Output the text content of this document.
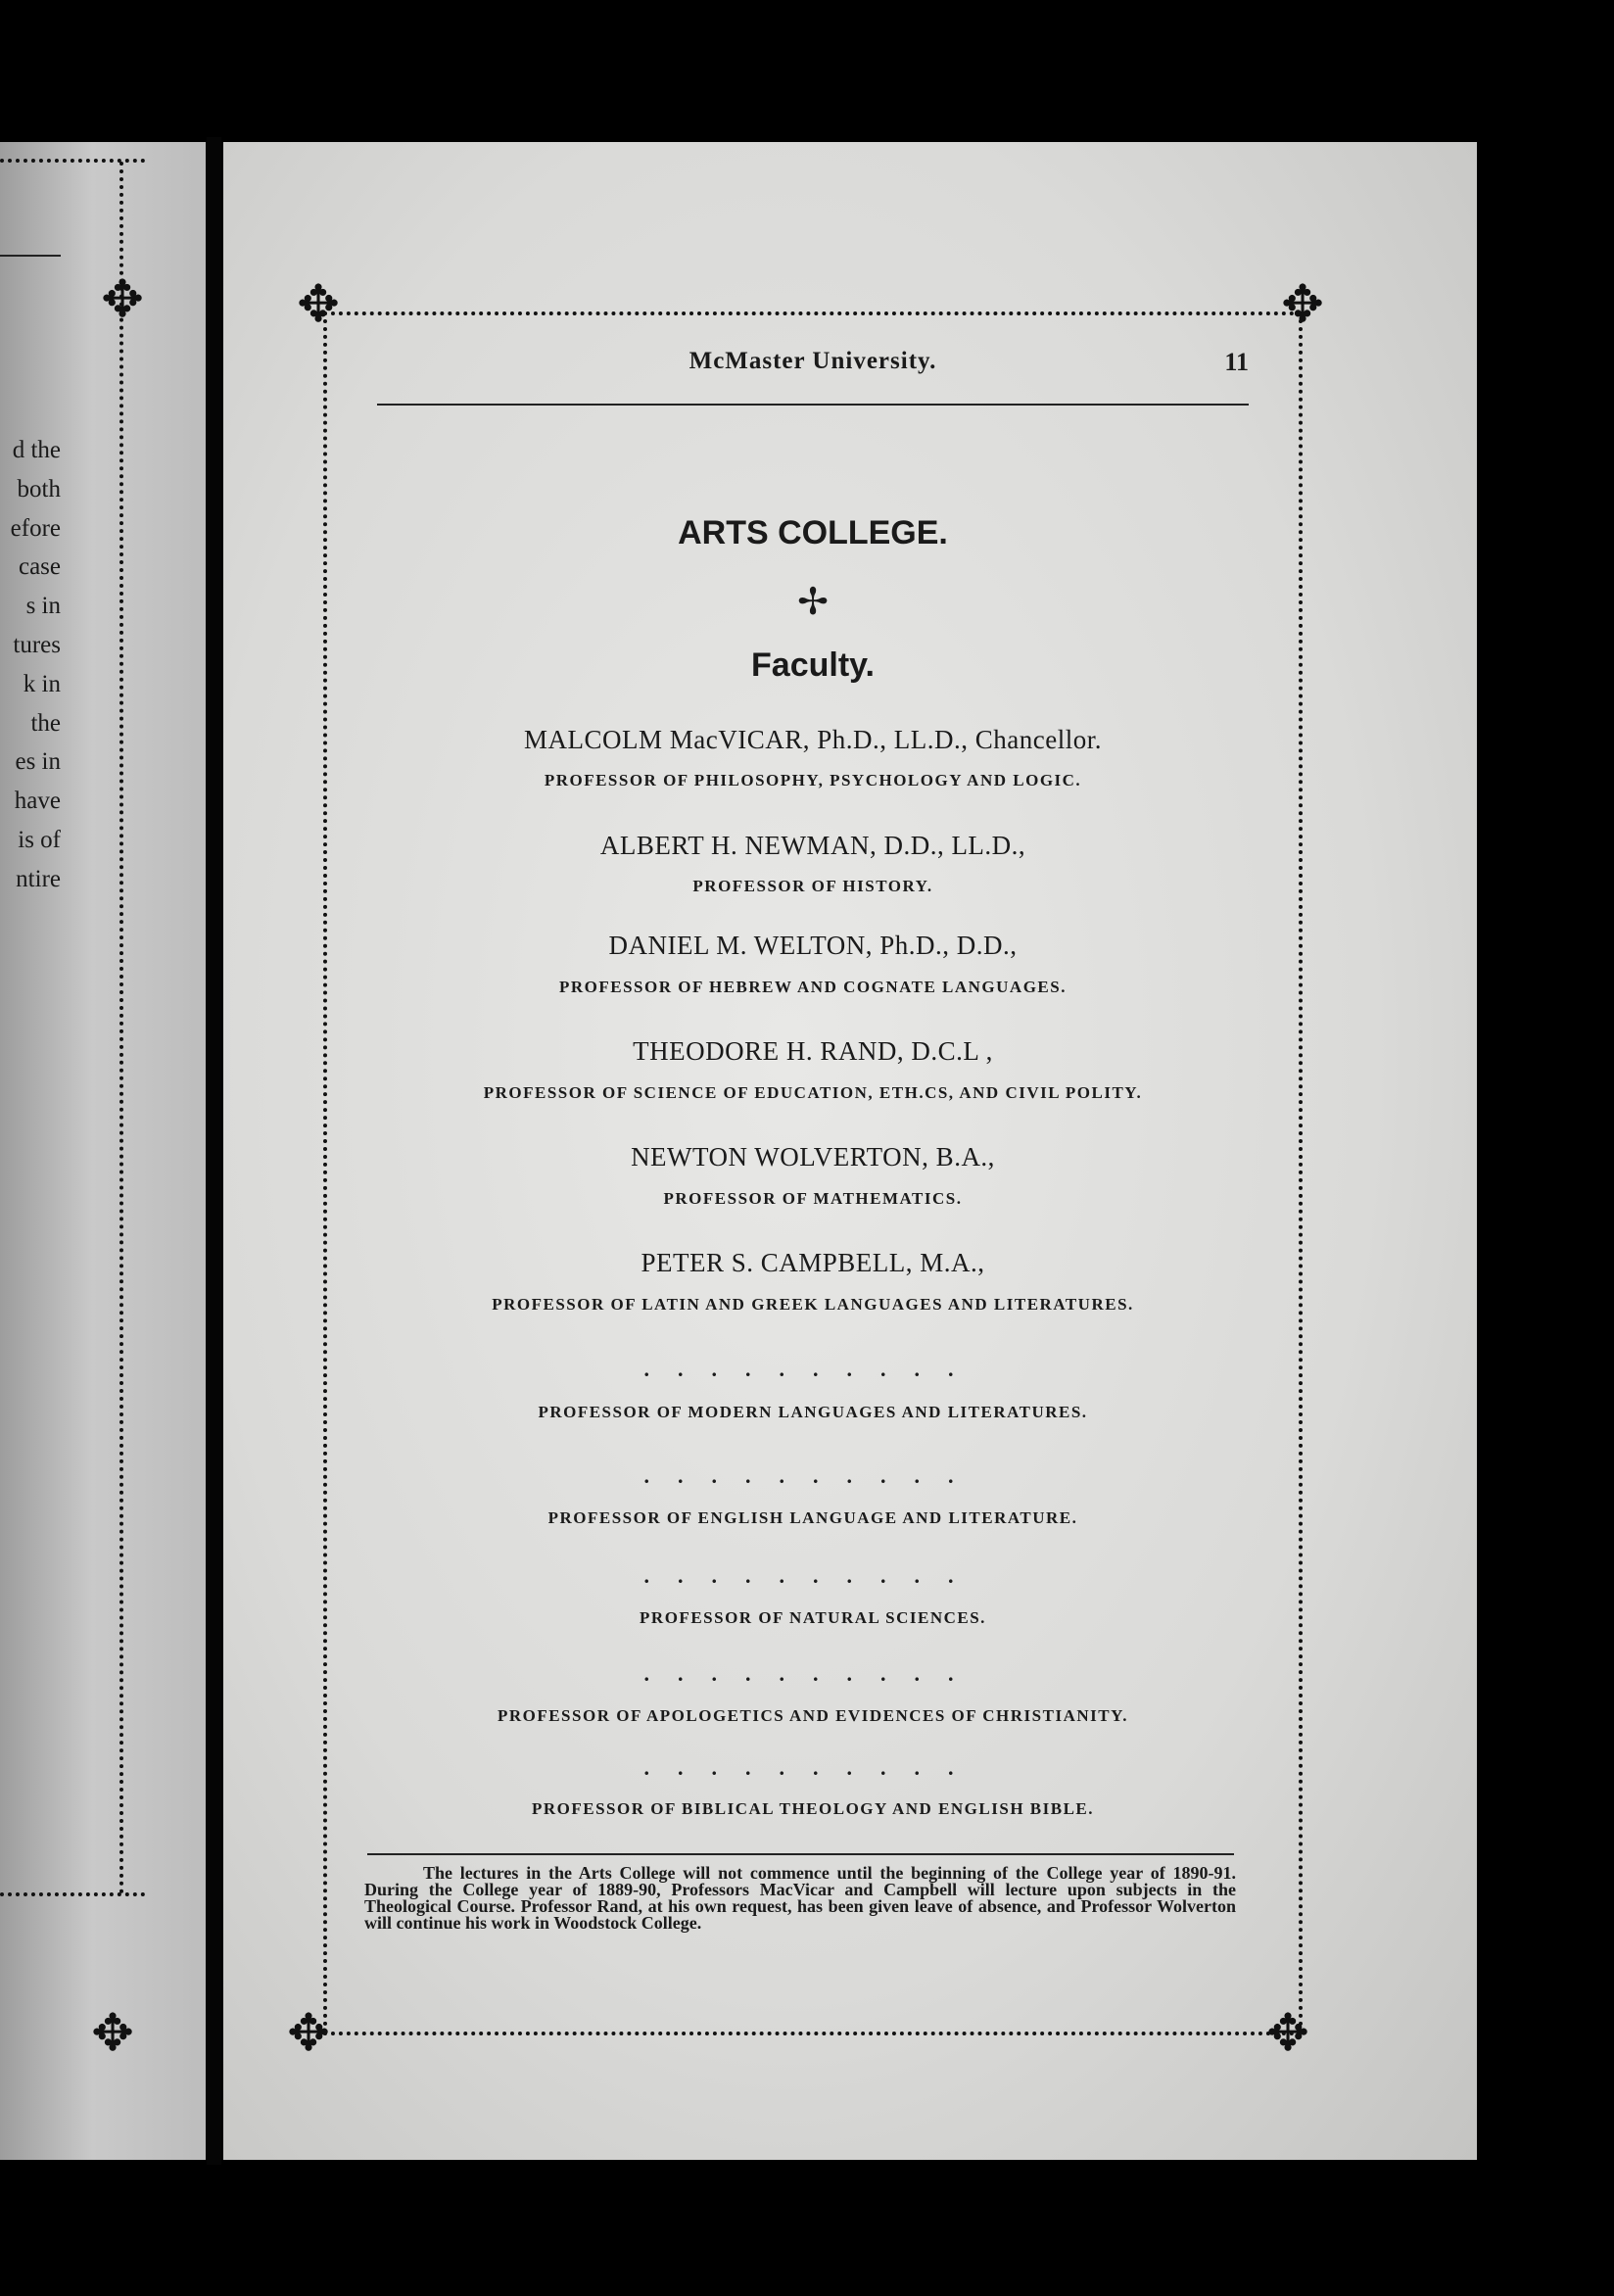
✥
✥
d the
both
efore
case
s in
tures
k in
the
es in
have
is of
ntire
✥	✥
✥	✥
McMaster University.	11
ARTS COLLEGE.
✢
Faculty.
MALCOLM MacVICAR, Ph.D., LL.D., Chancellor.
PROFESSOR OF PHILOSOPHY, PSYCHOLOGY AND LOGIC.
ALBERT H. NEWMAN, D.D., LL.D.,
PROFESSOR OF HISTORY.
DANIEL M. WELTON, Ph.D., D.D.,
PROFESSOR OF HEBREW AND COGNATE LANGUAGES.
THEODORE H. RAND, D.C.L ,
PROFESSOR OF SCIENCE OF EDUCATION, ETH.CS, AND CIVIL POLITY.
NEWTON WOLVERTON, B.A.,
PROFESSOR OF MATHEMATICS.
PETER S. CAMPBELL, M.A.,
PROFESSOR OF LATIN AND GREEK LANGUAGES AND LITERATURES.
..........
PROFESSOR OF MODERN LANGUAGES AND LITERATURES.
..........
PROFESSOR OF ENGLISH LANGUAGE AND LITERATURE.
..........
PROFESSOR OF NATURAL SCIENCES.
..........
PROFESSOR OF APOLOGETICS AND EVIDENCES OF CHRISTIANITY.
..........
PROFESSOR OF BIBLICAL THEOLOGY AND ENGLISH BIBLE.
The lectures in the Arts College will not commence until the beginning of the College year of 1890-91. During the College year of 1889-90, Professors MacVicar and Campbell will lecture upon subjects in the Theological Course. Professor Rand, at his own request, has been given leave of absence, and Professor Wolverton will continue his work in Woodstock College.
